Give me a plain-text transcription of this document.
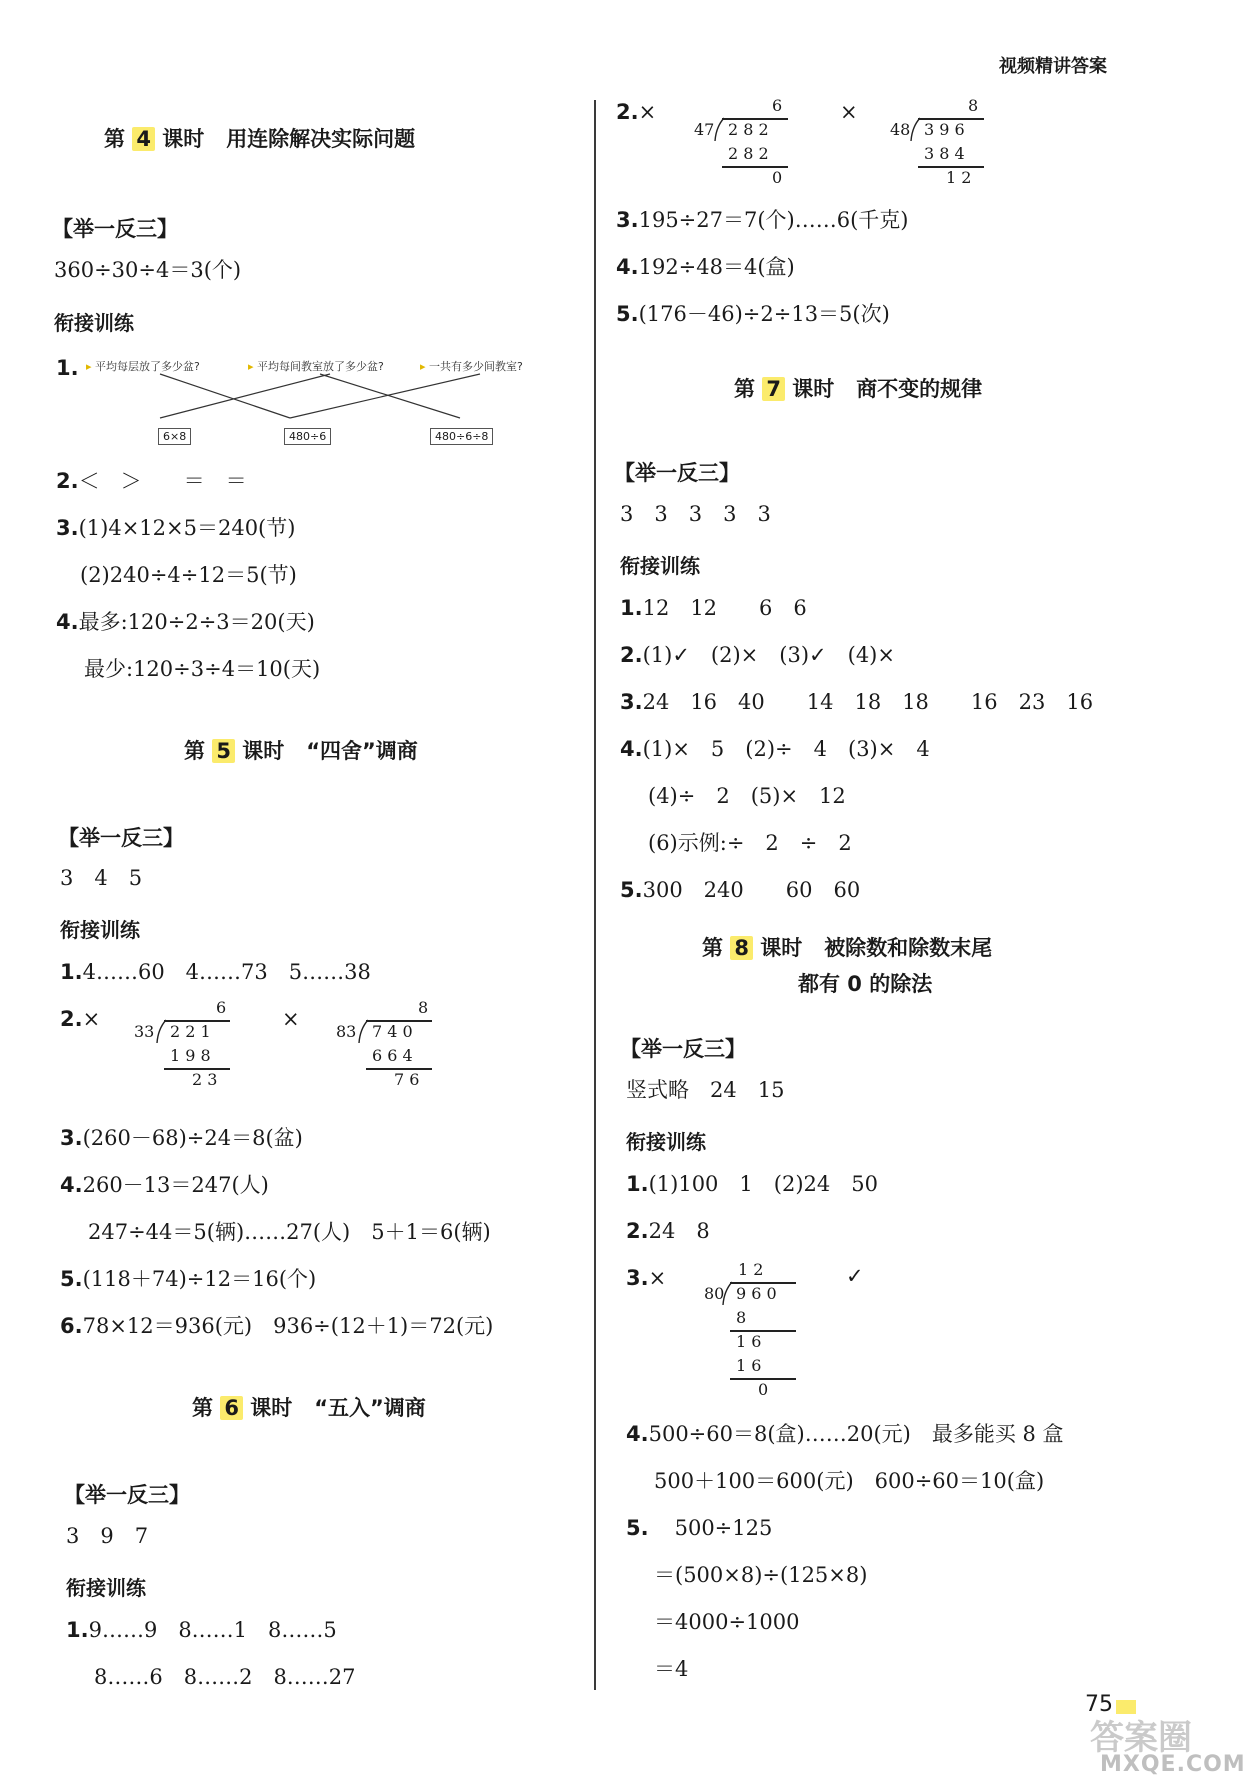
视频精讲答案
第 4 课时 用连除解决实际问题
【举一反三】
360÷30÷4＝3(个)
衔接训练
1. ▸ 平均每层放了多少盆?	▸ 平均每间教室放了多少盆?	▸ 一共有多少间教室?
6×8	480÷6	480÷6÷8
2.＜　＞　　＝　＝
3.(1)4×12×5＝240(节)
(2)240÷4÷12＝5(节)
4.最多:120÷2÷3＝20(天)
最少:120÷3÷4＝10(天)
第 5 课时 “四舍”调商
【举一反三】
3　4　5
衔接训练
1.4……60　4……73　5……38
2.×	6
33 2 2 1
1 9 8
2 3
×	8
83 7 4 0
6 6 4
7 6
3.(260－68)÷24＝8(盆)
4.260－13＝247(人)
247÷44＝5(辆)……27(人)　5＋1＝6(辆)
5.(118＋74)÷12＝16(个)
6.78×12＝936(元)　936÷(12＋1)＝72(元)
第 6 课时 “五入”调商
【举一反三】
3　9　7
衔接训练
1.9……9　8……1　8……5
8……6　8……2　8……27
2.×	6
47 2 8 2
2 8 2
0
×	8
48 3 9 6
3 8 4
1 2
3.195÷27＝7(个)……6(千克)
4.192÷48＝4(盒)
5.(176－46)÷2÷13＝5(次)
第 7 课时 商不变的规律
【举一反三】
3　3　3　3　3
衔接训练
1.12　12　　6　6
2.(1)✓　(2)×　(3)✓　(4)×
3.24　16　40　　14　18　18　　16　23　16
4.(1)×　5　(2)÷　4　(3)×　4
(4)÷　2　(5)×　12
(6)示例:÷　2　÷　2
5.300　240　　60　60
第 8 课时 被除数和除数末尾
都有 0 的除法
【举一反三】
竖式略　24　15
衔接训练
1.(1)100　1　(2)24　50
2.24　8
3.×	1 2
80 9 6 0
8
1 6
1 6
0
✓
4.500÷60＝8(盒)……20(元)　最多能买 8 盒
500＋100＝600(元)　600÷60＝10(盒)
5. 500÷125
＝(500×8)÷(125×8)
＝4000÷1000
＝4
75
答案圈
MXQE.COM
